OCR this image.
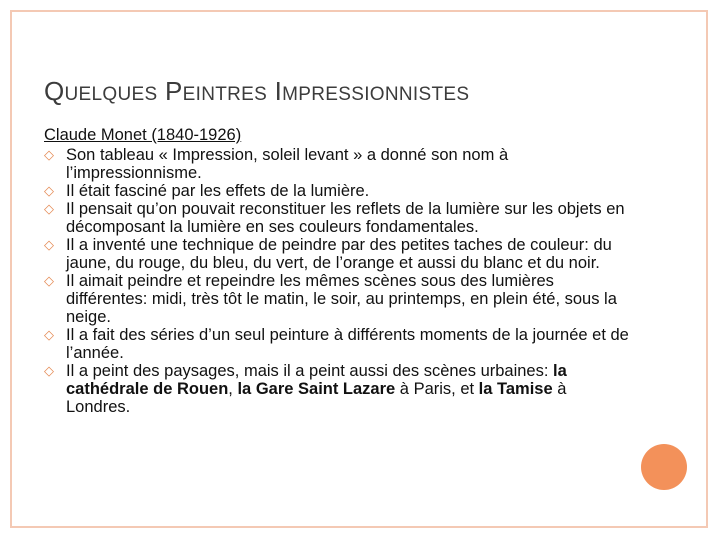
QUELQUES PEINTRES IMPRESSIONNISTES
Claude Monet (1840-1926)
◇ Son tableau « Impression, soleil levant » a donné son nom à l’impressionnisme.
◇ Il était fasciné par les effets de la lumière.
◇ Il pensait qu’on pouvait reconstituer les reflets de la lumière sur les objets en décomposant la lumière en ses couleurs fondamentales.
◇ Il a inventé une technique de peindre par des petites taches de couleur: du jaune, du rouge, du bleu, du vert, de l’orange et aussi du blanc et du noir.
◇ Il aimait peindre et repeindre les mêmes scènes sous des lumières différentes: midi, très tôt le matin, le soir, au printemps, en plein été, sous la neige.
◇ Il a fait des séries d’un seul peinture à différents moments de la journée et de l’année.
◇ Il a peint des paysages, mais il a peint aussi des scènes urbaines: la cathédrale de Rouen, la Gare Saint Lazare à Paris, et la Tamise à Londres.
